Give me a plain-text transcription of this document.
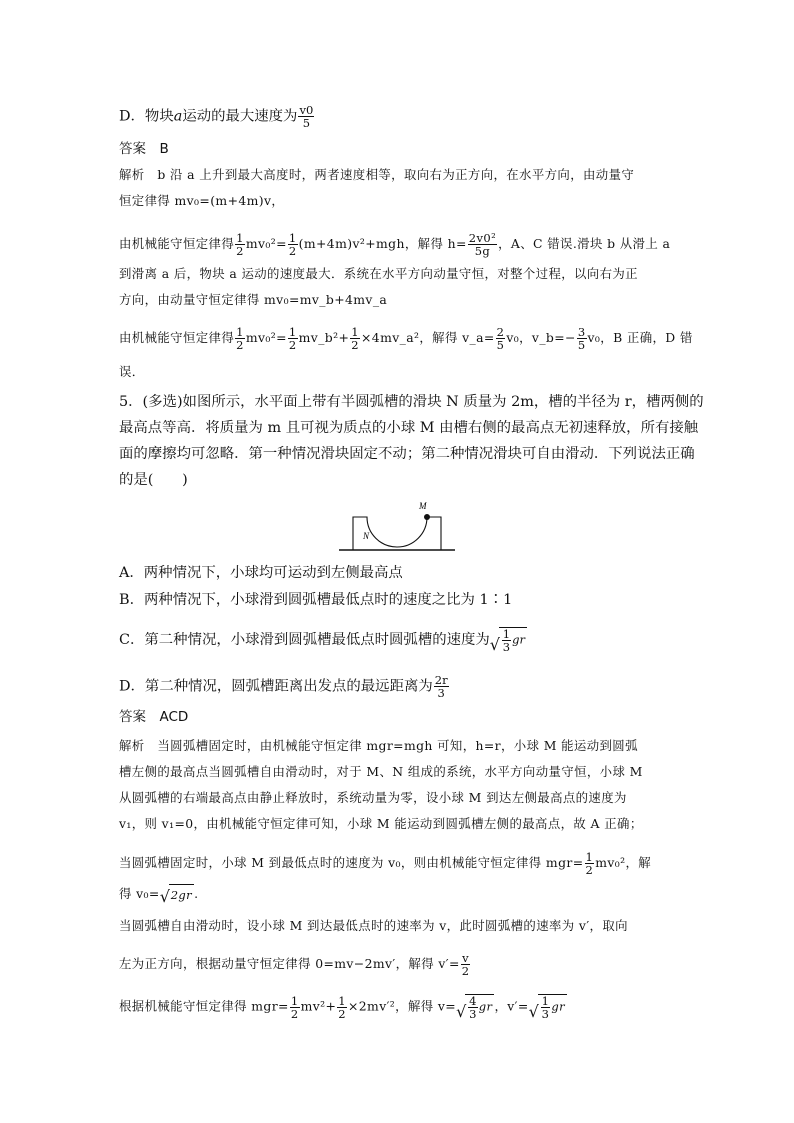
D．物块a运动的最大速度为 $\frac{v0}{5}$
答案　B
解析　b 沿 a 上升到最大高度时，两者速度相等，取向右为正方向，在水平方向，由动量守
恒定律得 mv₀=(m+4m)v，
由机械能守恒定律得 $\frac{1}{2} mv_0^2= \frac{1}{2} (m+4m)v^2+mgh$，解得 $h= \frac{\text{2v0²}}{5g}$ ，A、C 错误.滑块 b 从滑上 a
到滑离 a 后，物块 a 运动的速度最大．系统在水平方向动量守恒，对整个过程，以向右为正
方向，由动量守恒定律得 mv₀=mv_b+4mv_a
由机械能守恒定律得 $\frac{1}{2} mv_0^2= \frac{1}{2}$ mv_b²+ $\frac{1}{2}$ ×4mv_a²，解得 v_a= $\frac{2}{5} v_0$，v_b=− $\frac{3}{5} v_0$，B 正确，D 错
误．
5．(多选)如图所示，水平面上带有半圆弧槽的滑块 N 质量为 2m，槽的半径为 r，槽两侧的
最高点等高．将质量为 m 且可视为质点的小球 M 由槽右侧的最高点无初速释放，所有接触
面的摩擦均可忽略．第一种情况滑块固定不动；第二种情况滑块可自由滑动．下列说法正确
的是(　　)
M
N
A．两种情况下，小球均可运动到左侧最高点
B．两种情况下，小球滑到圆弧槽最低点时的速度之比为 1∶1
C．第二种情况，小球滑到圆弧槽最低点时圆弧槽的速度为 √ $\frac{1}{3}$ gr
D．第二种情况，圆弧槽距离出发点的最远距离为 $\frac{2r}{3}$
答案　ACD
解析　当圆弧槽固定时，由机械能守恒定律 mgr=mgh 可知，h=r，小球 M 能运动到圆弧
槽左侧的最高点当圆弧槽自由滑动时，对于 M、N 组成的系统，水平方向动量守恒，小球 M
从圆弧槽的右端最高点由静止释放时，系统动量为零，设小球 M 到达左侧最高点的速度为
v₁，则 v₁=0，由机械能守恒定律可知，小球 M 能运动到圆弧槽左侧的最高点，故 A 正确；
当圆弧槽固定时，小球 M 到最低点时的速度为 v₀，则由机械能守恒定律得 $mgr= \frac{1}{2} mv_0^2$，解
得 v₀= √ 2gr .
当圆弧槽自由滑动时，设小球 M 到达最低点时的速率为 v，此时圆弧槽的速率为 v′，取向
左为正方向，根据动量守恒定律得 0=mv−2mv′，解得 $v'= \frac{v}{2}$
根据机械能守恒定律得 $mgr= \frac{1}{2} mv^2+ \frac{1}{2} \times 2mv'^2$，解得 v= √ $\frac{4}{3}$ gr ，v′= √ $\frac{1}{3}$ gr
